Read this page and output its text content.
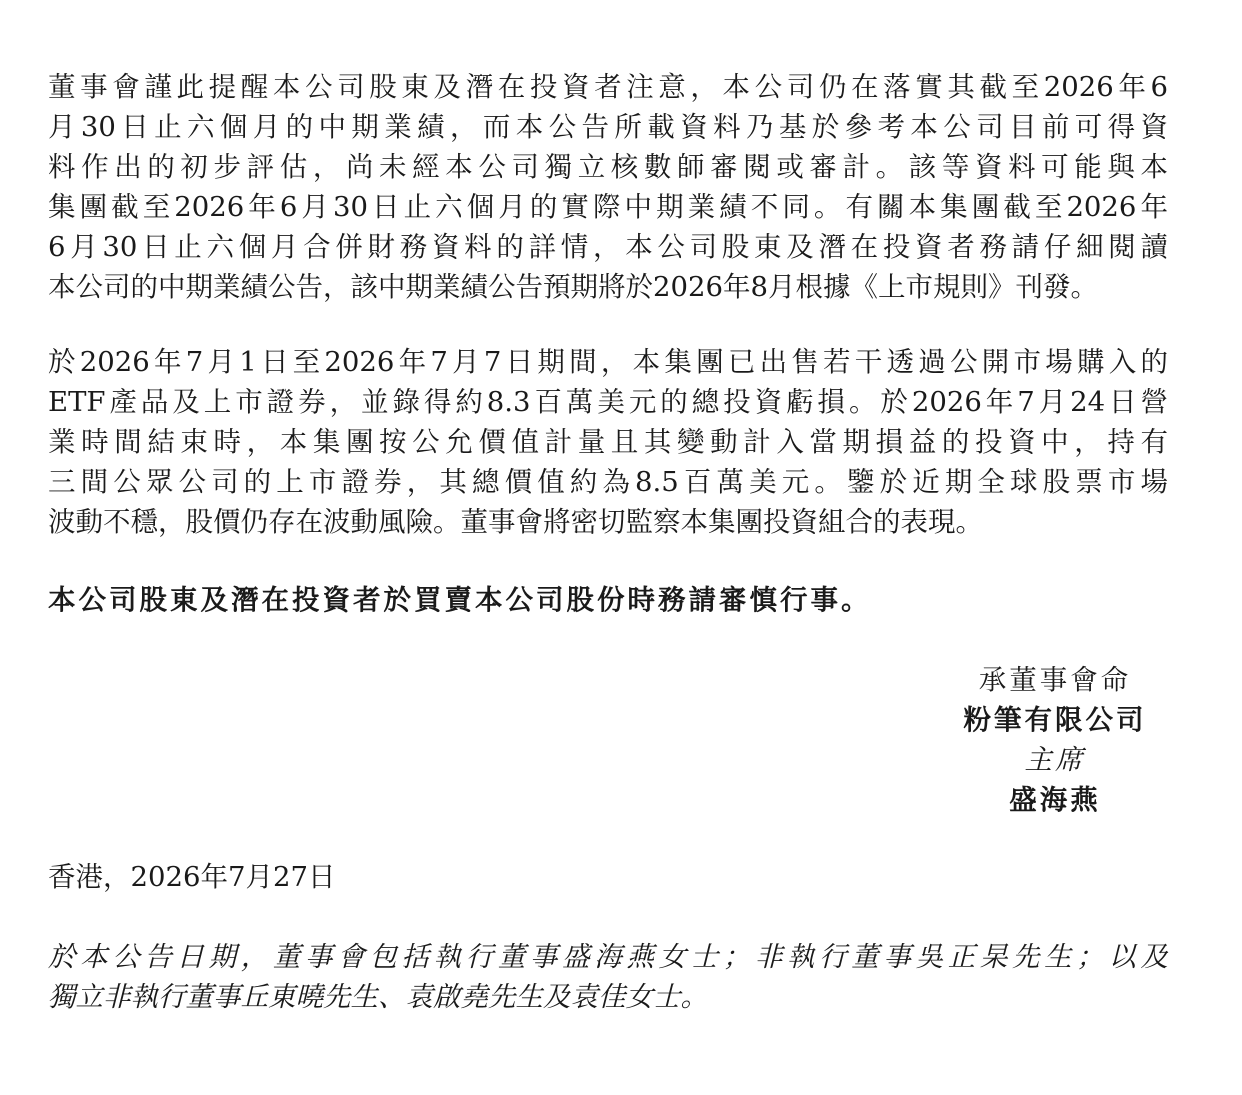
董事會謹此提醒本公司股東及潛在投資者注意，本公司仍在落實其截至2026年6
月30日止六個月的中期業績，而本公告所載資料乃基於參考本公司目前可得資
料作出的初步評估，尚未經本公司獨立核數師審閱或審計。該等資料可能與本
集團截至2026年6月30日止六個月的實際中期業績不同。有關本集團截至2026年
6月30日止六個月合併財務資料的詳情，本公司股東及潛在投資者務請仔細閱讀
本公司的中期業績公告，該中期業績公告預期將於2026年8月根據《上市規則》刊發。
於2026年7月1日至2026年7月7日期間，本集團已出售若干透過公開市場購入的
ETF產品及上市證券，並錄得約8.3百萬美元的總投資虧損。於2026年7月24日營
業時間結束時，本集團按公允價值計量且其變動計入當期損益的投資中，持有
三間公眾公司的上市證券，其總價值約為8.5百萬美元。鑒於近期全球股票市場
波動不穩，股價仍存在波動風險。董事會將密切監察本集團投資組合的表現。
本公司股東及潛在投資者於買賣本公司股份時務請審慎行事。
承董事會命
粉筆有限公司
主席
盛海燕
香港，2026年7月27日
於本公告日期，董事會包括執行董事盛海燕女士；非執行董事吳正杲先生；以及
獨立非執行董事丘東曉先生、袁啟堯先生及袁佳女士。
